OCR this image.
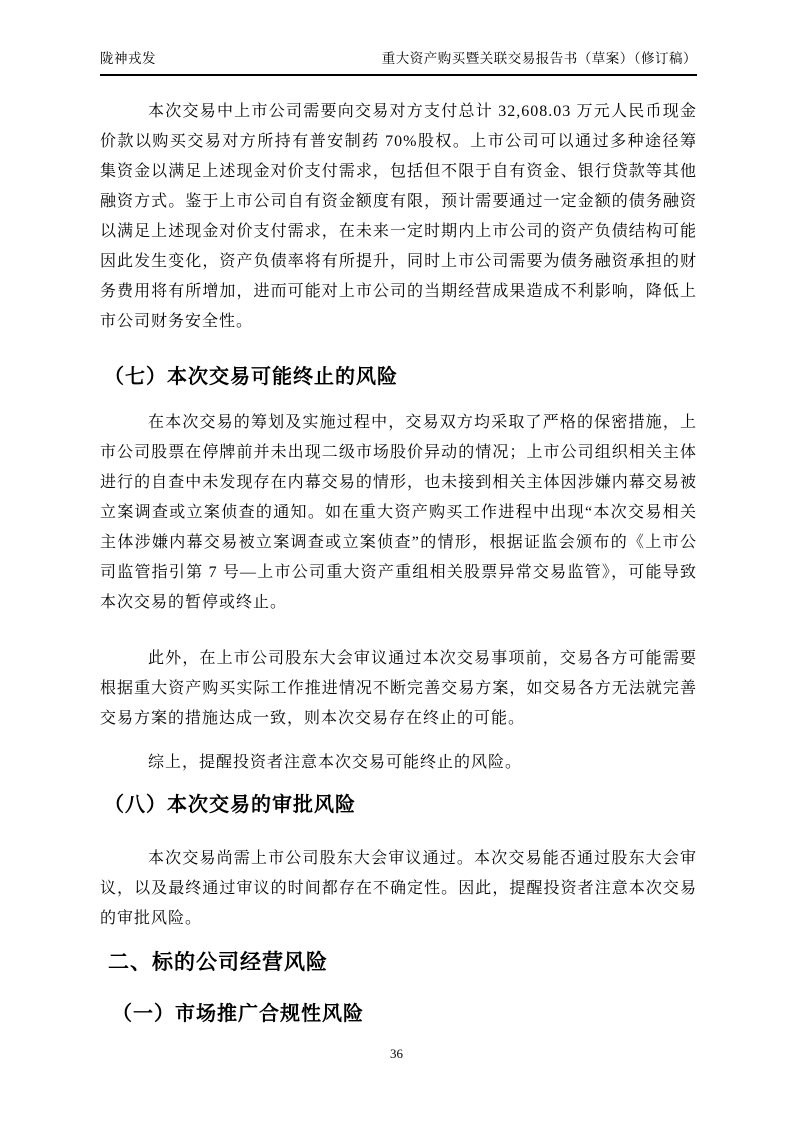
陇神戎发	重大资产购买暨关联交易报告书（草案）（修订稿）

本次交易中上市公司需要向交易对方支付总计 32,608.03 万元人民币现金价款以购买交易对方所持有普安制药 70%股权。上市公司可以通过多种途径筹集资金以满足上述现金对价支付需求，包括但不限于自有资金、银行贷款等其他融资方式。鉴于上市公司自有资金额度有限，预计需要通过一定金额的债务融资以满足上述现金对价支付需求，在未来一定时期内上市公司的资产负债结构可能因此发生变化，资产负债率将有所提升，同时上市公司需要为债务融资承担的财务费用将有所增加，进而可能对上市公司的当期经营成果造成不利影响，降低上市公司财务安全性。

（七）本次交易可能终止的风险

在本次交易的筹划及实施过程中，交易双方均采取了严格的保密措施，上市公司股票在停牌前并未出现二级市场股价异动的情况；上市公司组织相关主体进行的自查中未发现存在内幕交易的情形，也未接到相关主体因涉嫌内幕交易被立案调查或立案侦查的通知。如在重大资产购买工作进程中出现“本次交易相关主体涉嫌内幕交易被立案调查或立案侦查”的情形，根据证监会颁布的《上市公司监管指引第 7 号—上市公司重大资产重组相关股票异常交易监管》，可能导致本次交易的暂停或终止。

此外，在上市公司股东大会审议通过本次交易事项前，交易各方可能需要根据重大资产购买实际工作推进情况不断完善交易方案，如交易各方无法就完善交易方案的措施达成一致，则本次交易存在终止的可能。

综上，提醒投资者注意本次交易可能终止的风险。

（八）本次交易的审批风险

本次交易尚需上市公司股东大会审议通过。本次交易能否通过股东大会审议，以及最终通过审议的时间都存在不确定性。因此，提醒投资者注意本次交易的审批风险。

二、标的公司经营风险
（一）市场推广合规性风险
36
